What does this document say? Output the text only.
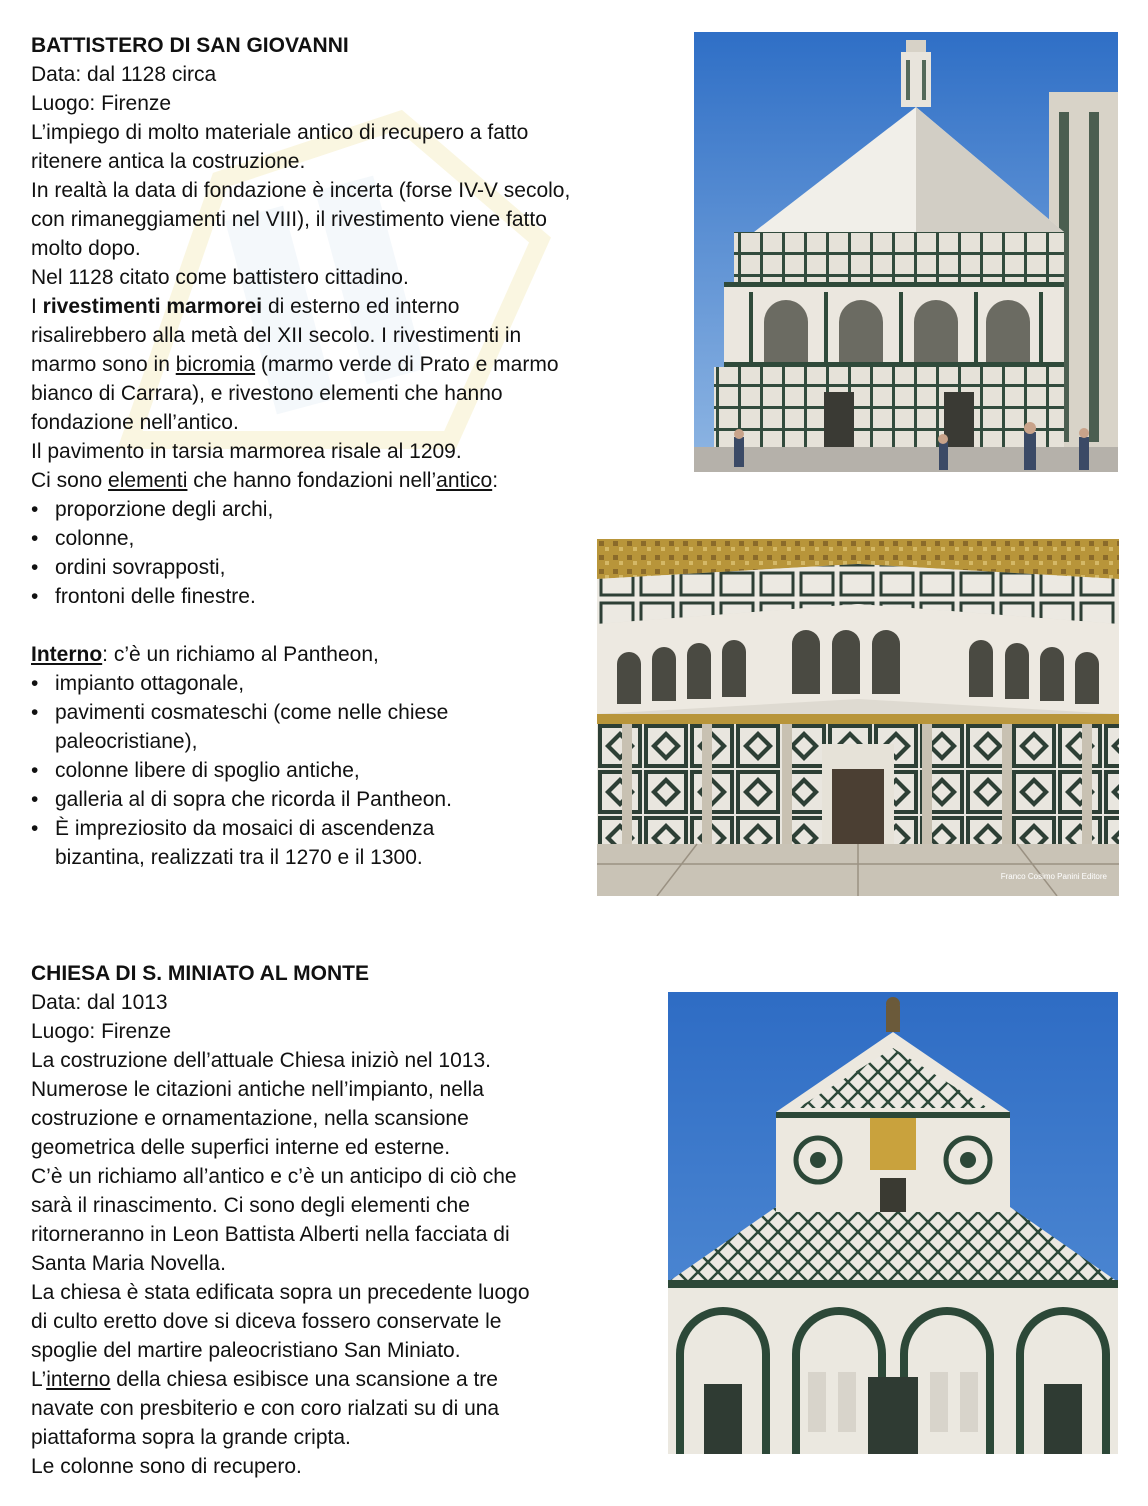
BATTISTERO DI SAN GIOVANNI
Data: dal 1128 circa
Luogo: Firenze
L’impiego di molto materiale antico di recupero a fatto
ritenere antica la costruzione.
In realtà la data di fondazione è incerta (forse IV-V secolo,
con rimaneggiamenti nel VIII), il rivestimento viene fatto
molto dopo.
Nel 1128 citato come battistero cittadino.
I rivestimenti marmorei di esterno ed interno
risalirebbero alla metà del XII secolo. I rivestimenti in
marmo sono in bicromia (marmo verde di Prato e marmo
bianco di Carrara), e rivestono elementi che hanno
fondazione nell’antico.
Il pavimento in tarsia marmorea risale al 1209.
Ci sono elementi che hanno fondazioni nell’antico:
• proporzione degli archi,
• colonne,
• ordini sovrapposti,
• frontoni delle finestre.
Interno: c’è un richiamo al Pantheon,
• impianto ottagonale,
• pavimenti cosmateschi (come nelle chiese
paleocristiane),
• colonne libere di spoglio antiche,
• galleria al di sopra che ricorda il Pantheon.
• È impreziosito da mosaici di ascendenza
bizantina, realizzati tra il 1270 e il 1300.
Franco Cosimo Panini Editore
CHIESA DI S. MINIATO AL MONTE
Data: dal 1013
Luogo: Firenze
La costruzione dell’attuale Chiesa iniziò nel 1013.
Numerose le citazioni antiche nell’impianto, nella
costruzione e ornamentazione, nella scansione
geometrica delle superfici interne ed esterne.
C’è un richiamo all’antico e c’è un anticipo di ciò che
sarà il rinascimento. Ci sono degli elementi che
ritorneranno in Leon Battista Alberti nella facciata di
Santa Maria Novella.
La chiesa è stata edificata sopra un precedente luogo
di culto eretto dove si diceva fossero conservate le
spoglie del martire paleocristiano San Miniato.
L’interno della chiesa esibisce una scansione a tre
navate con presbiterio e con coro rialzati su di una
piattaforma sopra la grande cripta.
Le colonne sono di recupero.
